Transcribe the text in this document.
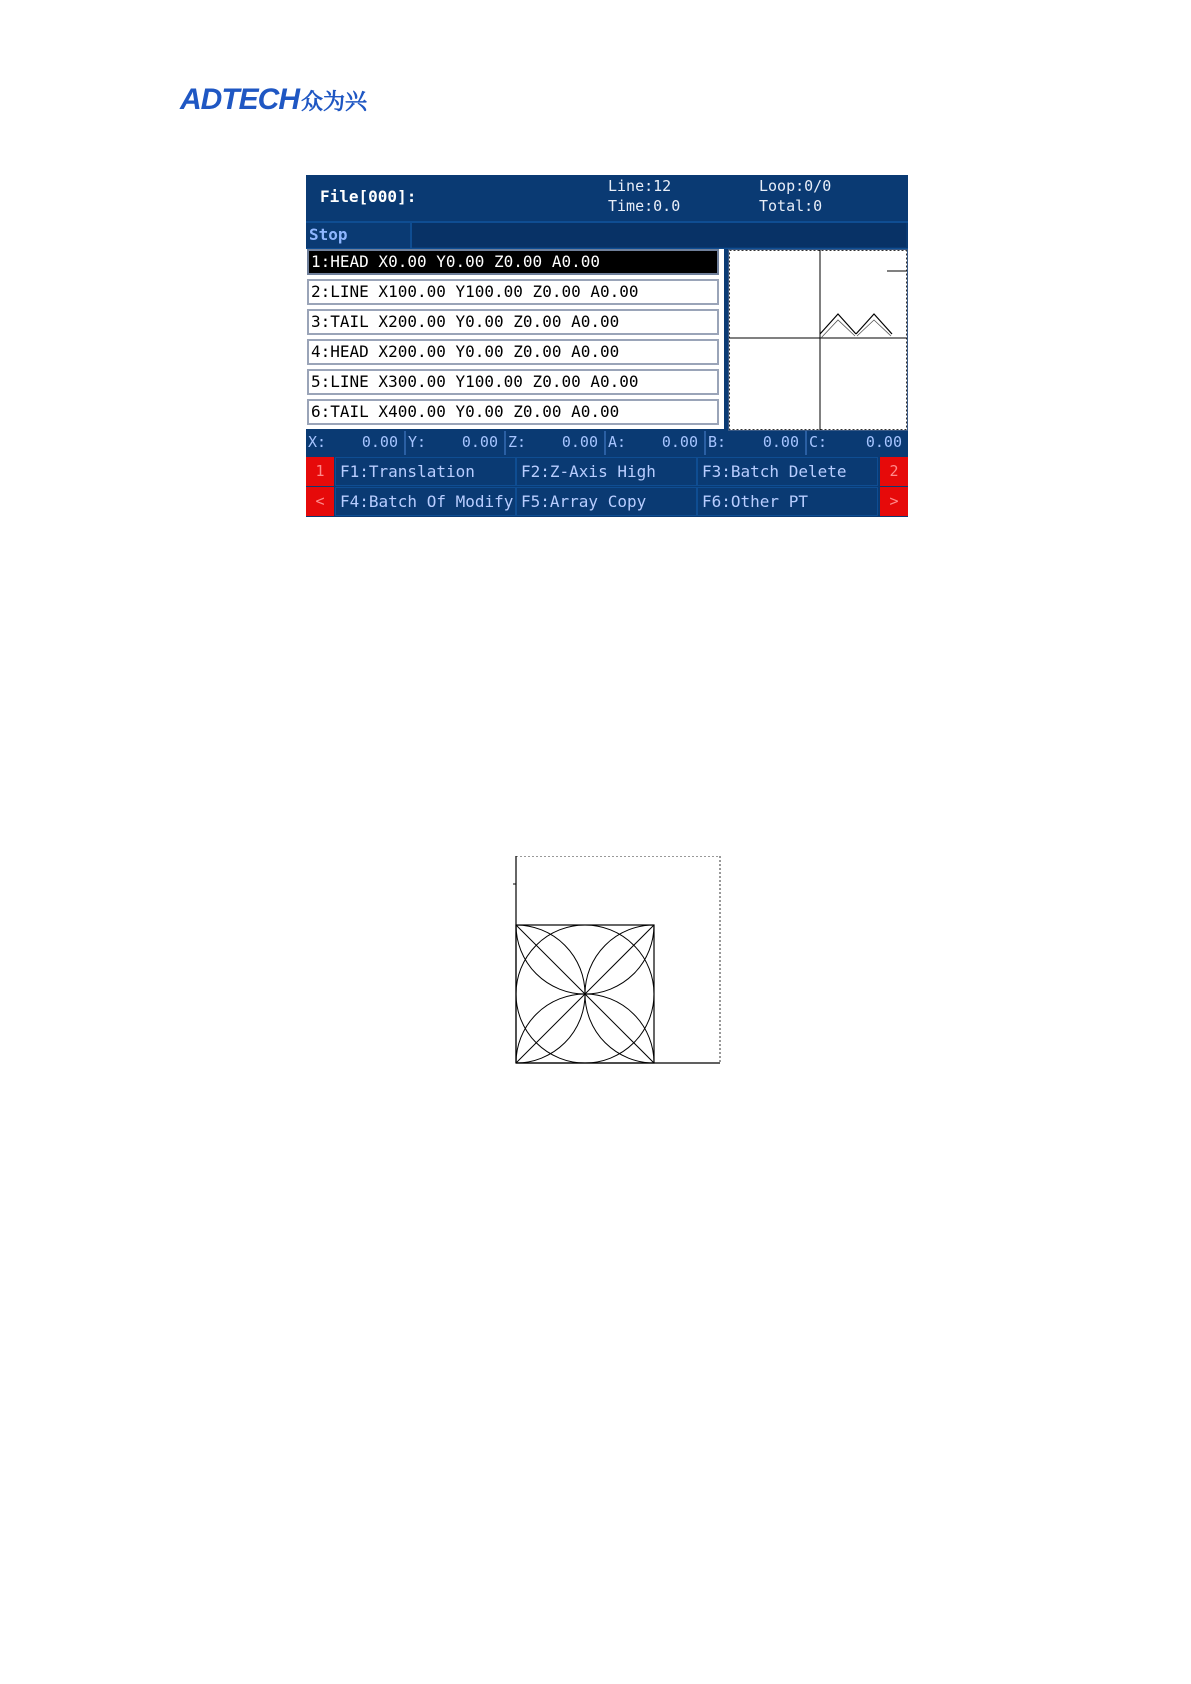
ADTECH 众为兴
File[000]:
Line:12
Time:0.0
Loop:0/0
Total:0
Stop
1:HEAD X0.00 Y0.00 Z0.00 A0.00
2:LINE X100.00 Y100.00 Z0.00 A0.00
3:TAIL X200.00 Y0.00 Z0.00 A0.00
4:HEAD X200.00 Y0.00 Z0.00 A0.00
5:LINE X300.00 Y100.00 Z0.00 A0.00
6:TAIL X400.00 Y0.00 Z0.00 A0.00
X: 0.00 Y: 0.00 Z: 0.00 A: 0.00 B: 0.00 C:	0.00
1
<
F1:Translation	F2:Z-Axis High	F3:Batch Delete
F4:Batch Of Modify F5:Array Copy	F6:Other PT
2
>
